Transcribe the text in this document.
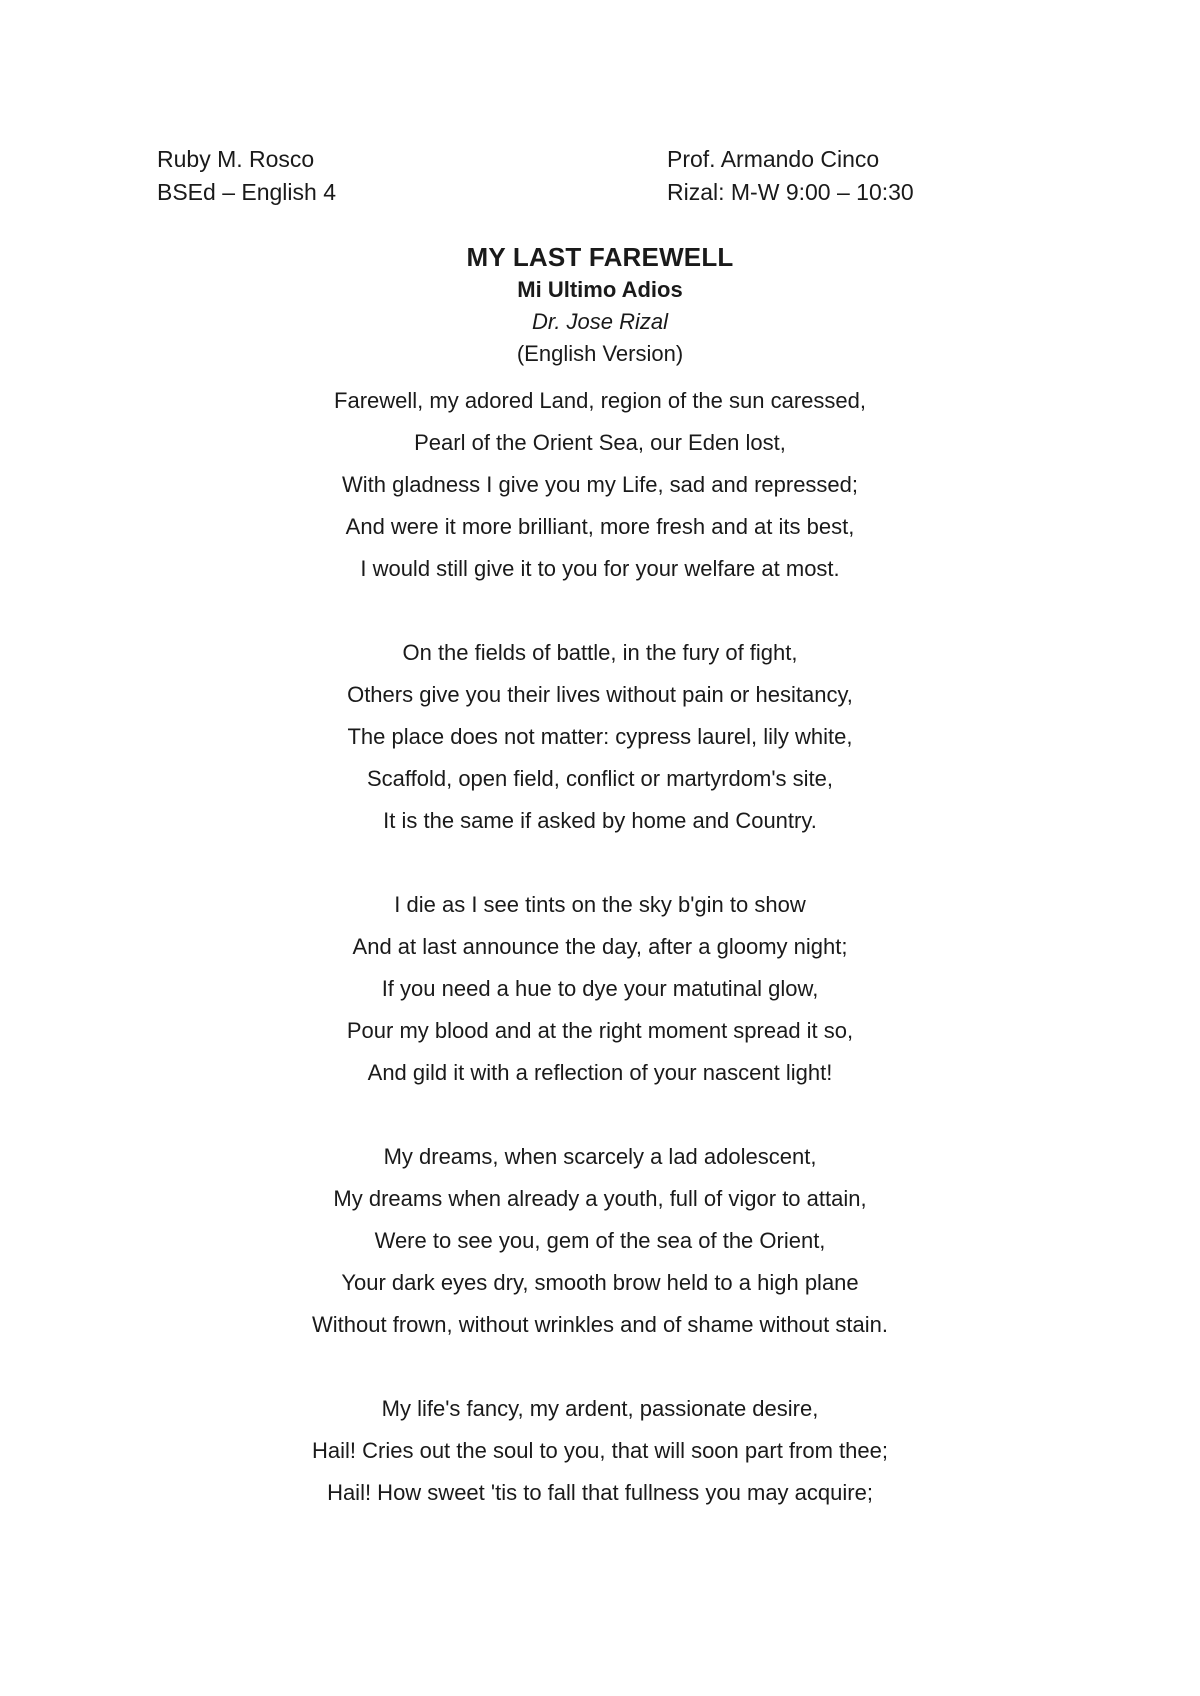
Ruby M. Rosco
BSEd – English 4
Prof. Armando Cinco
Rizal: M-W 9:00 – 10:30
MY LAST FAREWELL
Mi Ultimo Adios
Dr. Jose Rizal
(English Version)
Farewell, my adored Land, region of the sun caressed,
Pearl of the Orient Sea, our Eden lost,
With gladness I give you my Life, sad and repressed;
And were it more brilliant, more fresh and at its best,
I would still give it to you for your welfare at most.
On the fields of battle, in the fury of fight,
Others give you their lives without pain or hesitancy,
The place does not matter: cypress laurel, lily white,
Scaffold, open field, conflict or martyrdom's site,
It is the same if asked by home and Country.
I die as I see tints on the sky b'gin to show
And at last announce the day, after a gloomy night;
If you need a hue to dye your matutinal glow,
Pour my blood and at the right moment spread it so,
And gild it with a reflection of your nascent light!
My dreams, when scarcely a lad adolescent,
My dreams when already a youth, full of vigor to attain,
Were to see you, gem of the sea of the Orient,
Your dark eyes dry, smooth brow held to a high plane
Without frown, without wrinkles and of shame without stain.
My life's fancy, my ardent, passionate desire,
Hail! Cries out the soul to you, that will soon part from thee;
Hail! How sweet 'tis to fall that fullness you may acquire;
